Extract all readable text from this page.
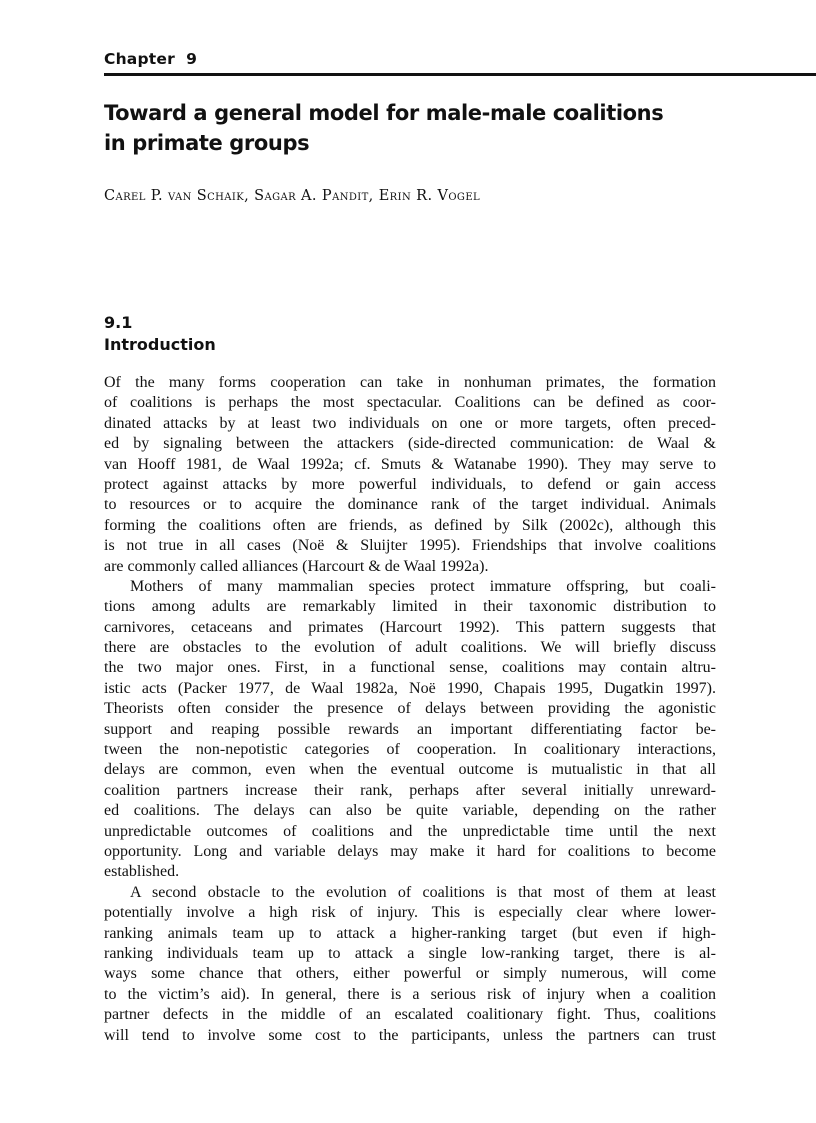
Chapter  9
Toward a general model for male-male coalitions
in primate groups
Carel P. van Schaik, Sagar A. Pandit, Erin R. Vogel
9.1
Introduction
Of the many forms cooperation can take in nonhuman primates, the formation
of coalitions is perhaps the most spectacular. Coalitions can be defined as coor-
dinated attacks by at least two individuals on one or more targets, often preced-
ed by signaling between the attackers (side-directed communication: de Waal &
van Hooff 1981, de Waal 1992a; cf. Smuts & Watanabe 1990). They may serve to
protect against attacks by more powerful individuals, to defend or gain access
to resources or to acquire the dominance rank of the target individual. Animals
forming the coalitions often are friends, as defined by Silk (2002c), although this
is not true in all cases (Noë & Sluijter 1995). Friendships that involve coalitions
are commonly called alliances (Harcourt & de Waal 1992a).
Mothers of many mammalian species protect immature offspring, but coali-
tions among adults are remarkably limited in their taxonomic distribution to
carnivores, cetaceans and primates (Harcourt 1992). This pattern suggests that
there are obstacles to the evolution of adult coalitions. We will briefly discuss
the two major ones. First, in a functional sense, coalitions may contain altru-
istic acts (Packer 1977, de Waal 1982a, Noë 1990, Chapais 1995, Dugatkin 1997).
Theorists often consider the presence of delays between providing the agonistic
support and reaping possible rewards an important differentiating factor be-
tween the non-nepotistic categories of cooperation. In coalitionary interactions,
delays are common, even when the eventual outcome is mutualistic in that all
coalition partners increase their rank, perhaps after several initially unreward-
ed coalitions. The delays can also be quite variable, depending on the rather
unpredictable outcomes of coalitions and the unpredictable time until the next
opportunity. Long and variable delays may make it hard for coalitions to become
established.
A second obstacle to the evolution of coalitions is that most of them at least
potentially involve a high risk of injury. This is especially clear where lower-
ranking animals team up to attack a higher-ranking target (but even if high-
ranking individuals team up to attack a single low-ranking target, there is al-
ways some chance that others, either powerful or simply numerous, will come
to the victim’s aid). In general, there is a serious risk of injury when a coalition
partner defects in the middle of an escalated coalitionary fight. Thus, coalitions
will tend to involve some cost to the participants, unless the partners can trust
